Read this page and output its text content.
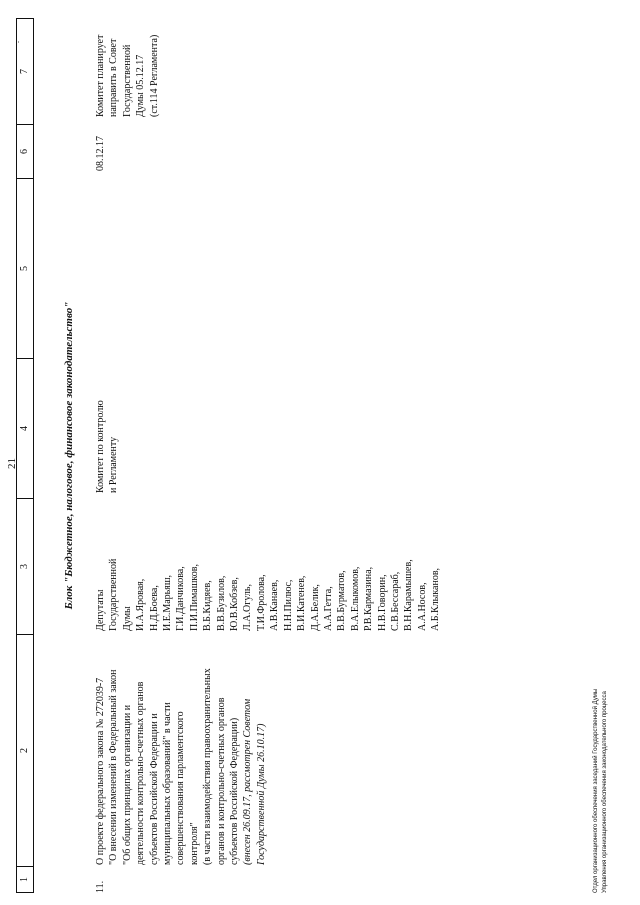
21
.
1
2
3
4
5
6
7
Блок "Бюджетное, налоговое, финансовое законодательство"
11.
О проекте федерального закона № 272039-7 "О внесении изменений в Федеральный закон "Об общих принципах организации и деятельности контрольно-счетных органов субъектов Российской Федерации и муниципальных образований" в части совершенствования парламентского контроля" (в части взаимодействия правоохранительных органов и контрольно-счетных органов субъектов Российской Федерации) (внесен 26.09.17, рассмотрен Советом Государственной Думы 26.10.17)
Депутаты Государственной Думы И.А.Яровая, Н.Д.Боева, И.Е.Марьяш, Г.И.Данчикова, П.И.Пимашков, В.Б.Кидяев, В.В.Бузилов, Ю.В.Кобзев, Л.А.Огуль, Т.И.Фролова, А.В.Канаев, Н.Н.Пилюс, В.И.Катенев, Д.А.Белик, А.А.Гетта, В.В.Бурматов, В.А.Елыкомов, Р.В.Кармазина, Н.В.Говорин, С.В.Бессараб, В.Н.Карамышев, А.А.Носов, А.Б.Клыканов,
Комитет по контролю и Регламенту
08.12.17
Комитет планирует направить в Совет Государственной Думы 05.12.17 (ст.114 Регламента)
Отдел организационного обеспечения заседаний Государственной Думы Управления организационного обеспечения законодательного процесса
